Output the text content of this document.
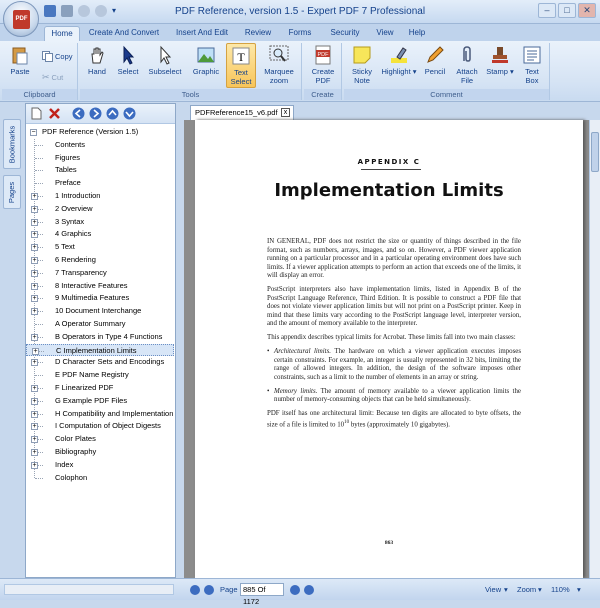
▾	PDF Reference, version 1.5 - Expert PDF 7 Professional	–	□	✕
PDF
Home	Create And Convert	Insert And Edit	Review	Forms	Security	View	Help
Paste
Copy
✂ Cut
Clipboard
Hand	Select	Subselect	Graphic
T
Text
Select
Marquee
zoom
Tools
PDF
Create
PDF
Create
Sticky
Note
Highlight ▾	Pencil	Attach
File
Stamp ▾	Text
Box
Comment
Bookmarks
Pages
− PDF Reference (Version 1.5)
Contents
Figures
Tables
Preface
+ 1 Introduction
+ 2 Overview
+ 3 Syntax
+ 4 Graphics
+ 5 Text
+ 6 Rendering
+ 7 Transparency
+ 8 Interactive Features
+ 9 Multimedia Features
+ 10 Document Interchange
A Operator Summary
+ B Operators in Type 4 Functions
+ C Implementation Limits
+ D Character Sets and Encodings
E PDF Name Registry
+ F Linearized PDF
+ G Example PDF Files
+ H Compatibility and Implementation
+ I Computation of Object Digests
+ Color Plates
+ Bibliography
+ Index
Colophon
PDFReference15_v6.pdf x
APPENDIX C
Implementation Limits

IN GENERAL, PDF does not restrict the size or quantity of things described in the file format, such as numbers, arrays, images, and so on. However, a PDF viewer application running on a particular processor and in a particular operating environment does have such limits. If a viewer application attempts to perform an action that exceeds one of the limits, it will display an error.

PostScript interpreters also have implementation limits, listed in Appendix B of the PostScript Language Reference, Third Edition. It is possible to construct a PDF file that does not violate viewer application limits but will not print on a PostScript printer. Keep in mind that these limits vary according to the PostScript language level, interpreter version, and the amount of memory available to the interpreter.

This appendix describes typical limits for Acrobat. These limits fall into two main classes:

• Architectural limits. The hardware on which a viewer application executes imposes certain constraints. For example, an integer is usually represented in 32 bits, limiting the range of allowed integers. In addition, the design of the software imposes other constraints, such as a limit to the number of elements in an array or string.
• Memory limits. The amount of memory available to a viewer application limits the number of memory-consuming objects that can be held simultaneously.

PDF itself has one architectural limit: Because ten digits are allocated to byte offsets, the size of a file is limited to $10^{10}$ bytes (approximately 10 gigabytes).

863
Page 885 Of 1172
View ▾ Zoom ▾ 110% ▾
